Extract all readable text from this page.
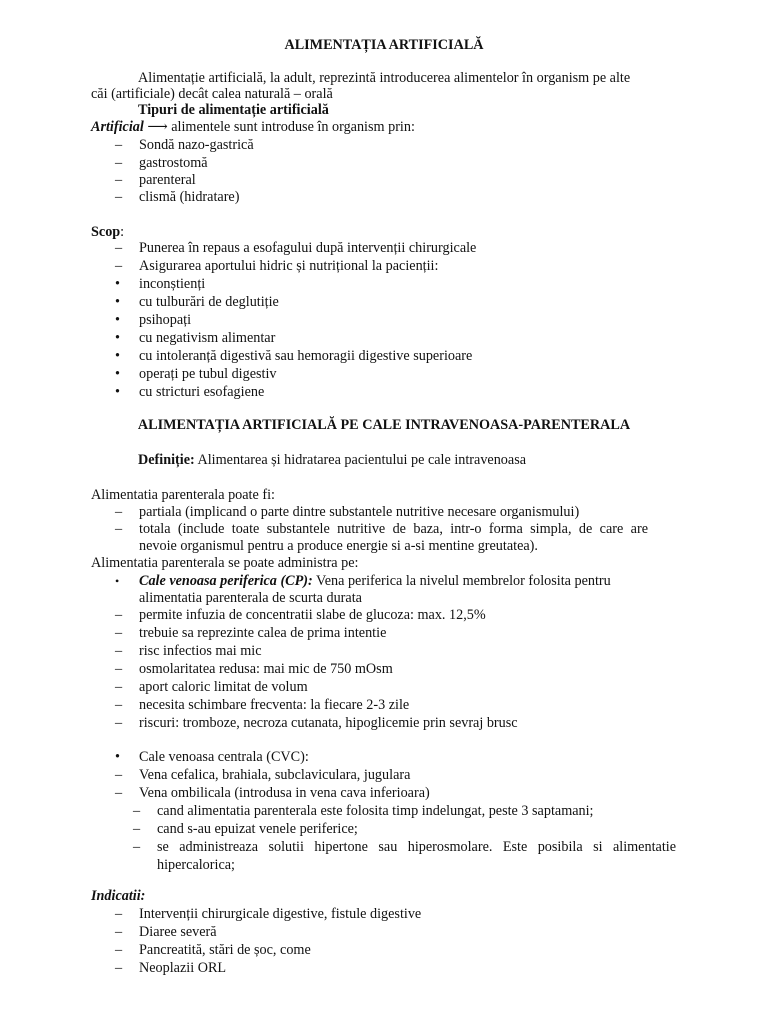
ALIMENTAȚIA ARTIFICIALĂ
Alimentație artificială, la adult, reprezintă introducerea alimentelor în organism pe alte
căi (artificiale) decât calea naturală – orală
Tipuri de alimentație artificială
Artificial ⟶ alimentele sunt introduse în organism prin:
–	Sondă nazo-gastrică
–	gastrostomă
–	parenteral
–	clismă (hidratare)
Scop:
–	Punerea în repaus a esofagului după intervenții chirurgicale
–	Asigurarea aportului hidric și nutrițional la pacienții:
•	inconștienți
•	cu tulburări de deglutiție
•	psihopați
•	cu negativism alimentar
•	cu intoleranță digestivă sau hemoragii digestive superioare
•	operați pe tubul digestiv
•	cu stricturi esofagiene
ALIMENTAȚIA ARTIFICIALĂ PE CALE INTRAVENOASA-PARENTERALA
Definiție: Alimentarea și hidratarea pacientului pe cale intravenoasa
Alimentatia parenterala poate fi:
–	partiala (implicand o parte dintre substantele nutritive necesare organismului)
–	totala (include toate substantele nutritive de baza, intr-o forma simpla, de care are
nevoie organismul pentru a produce energie si a-si mentine greutatea).
Alimentatia parenterala se poate administra pe:
•	Cale venoasa periferica (CP): Vena periferica la nivelul membrelor folosita pentru
alimentatia parenterala de scurta durata
–	permite infuzia de concentratii slabe de glucoza: max. 12,5%
–	trebuie sa reprezinte calea de prima intentie
–	risc infectios mai mic
–	osmolaritatea redusa: mai mic de 750 mOsm
–	aport caloric limitat de volum
–	necesita schimbare frecventa: la fiecare 2-3 zile
–	riscuri: tromboze, necroza cutanata, hipoglicemie prin sevraj brusc
•	Cale venoasa centrala (CVC):
–	Vena cefalica, brahiala, subclaviculara, jugulara
–	Vena ombilicala (introdusa in vena cava inferioara)
– cand alimentatia parenterala este folosita timp indelungat, peste 3 saptamani;
– cand s-au epuizat venele periferice;
– se administreaza solutii hipertone sau hiperosmolare. Este posibila si alimentatie
hipercalorica;
Indicatii:
–	Intervenții chirurgicale digestive, fistule digestive
–	Diaree severă
–	Pancreatită, stări de șoc, come
–	Neoplazii ORL
